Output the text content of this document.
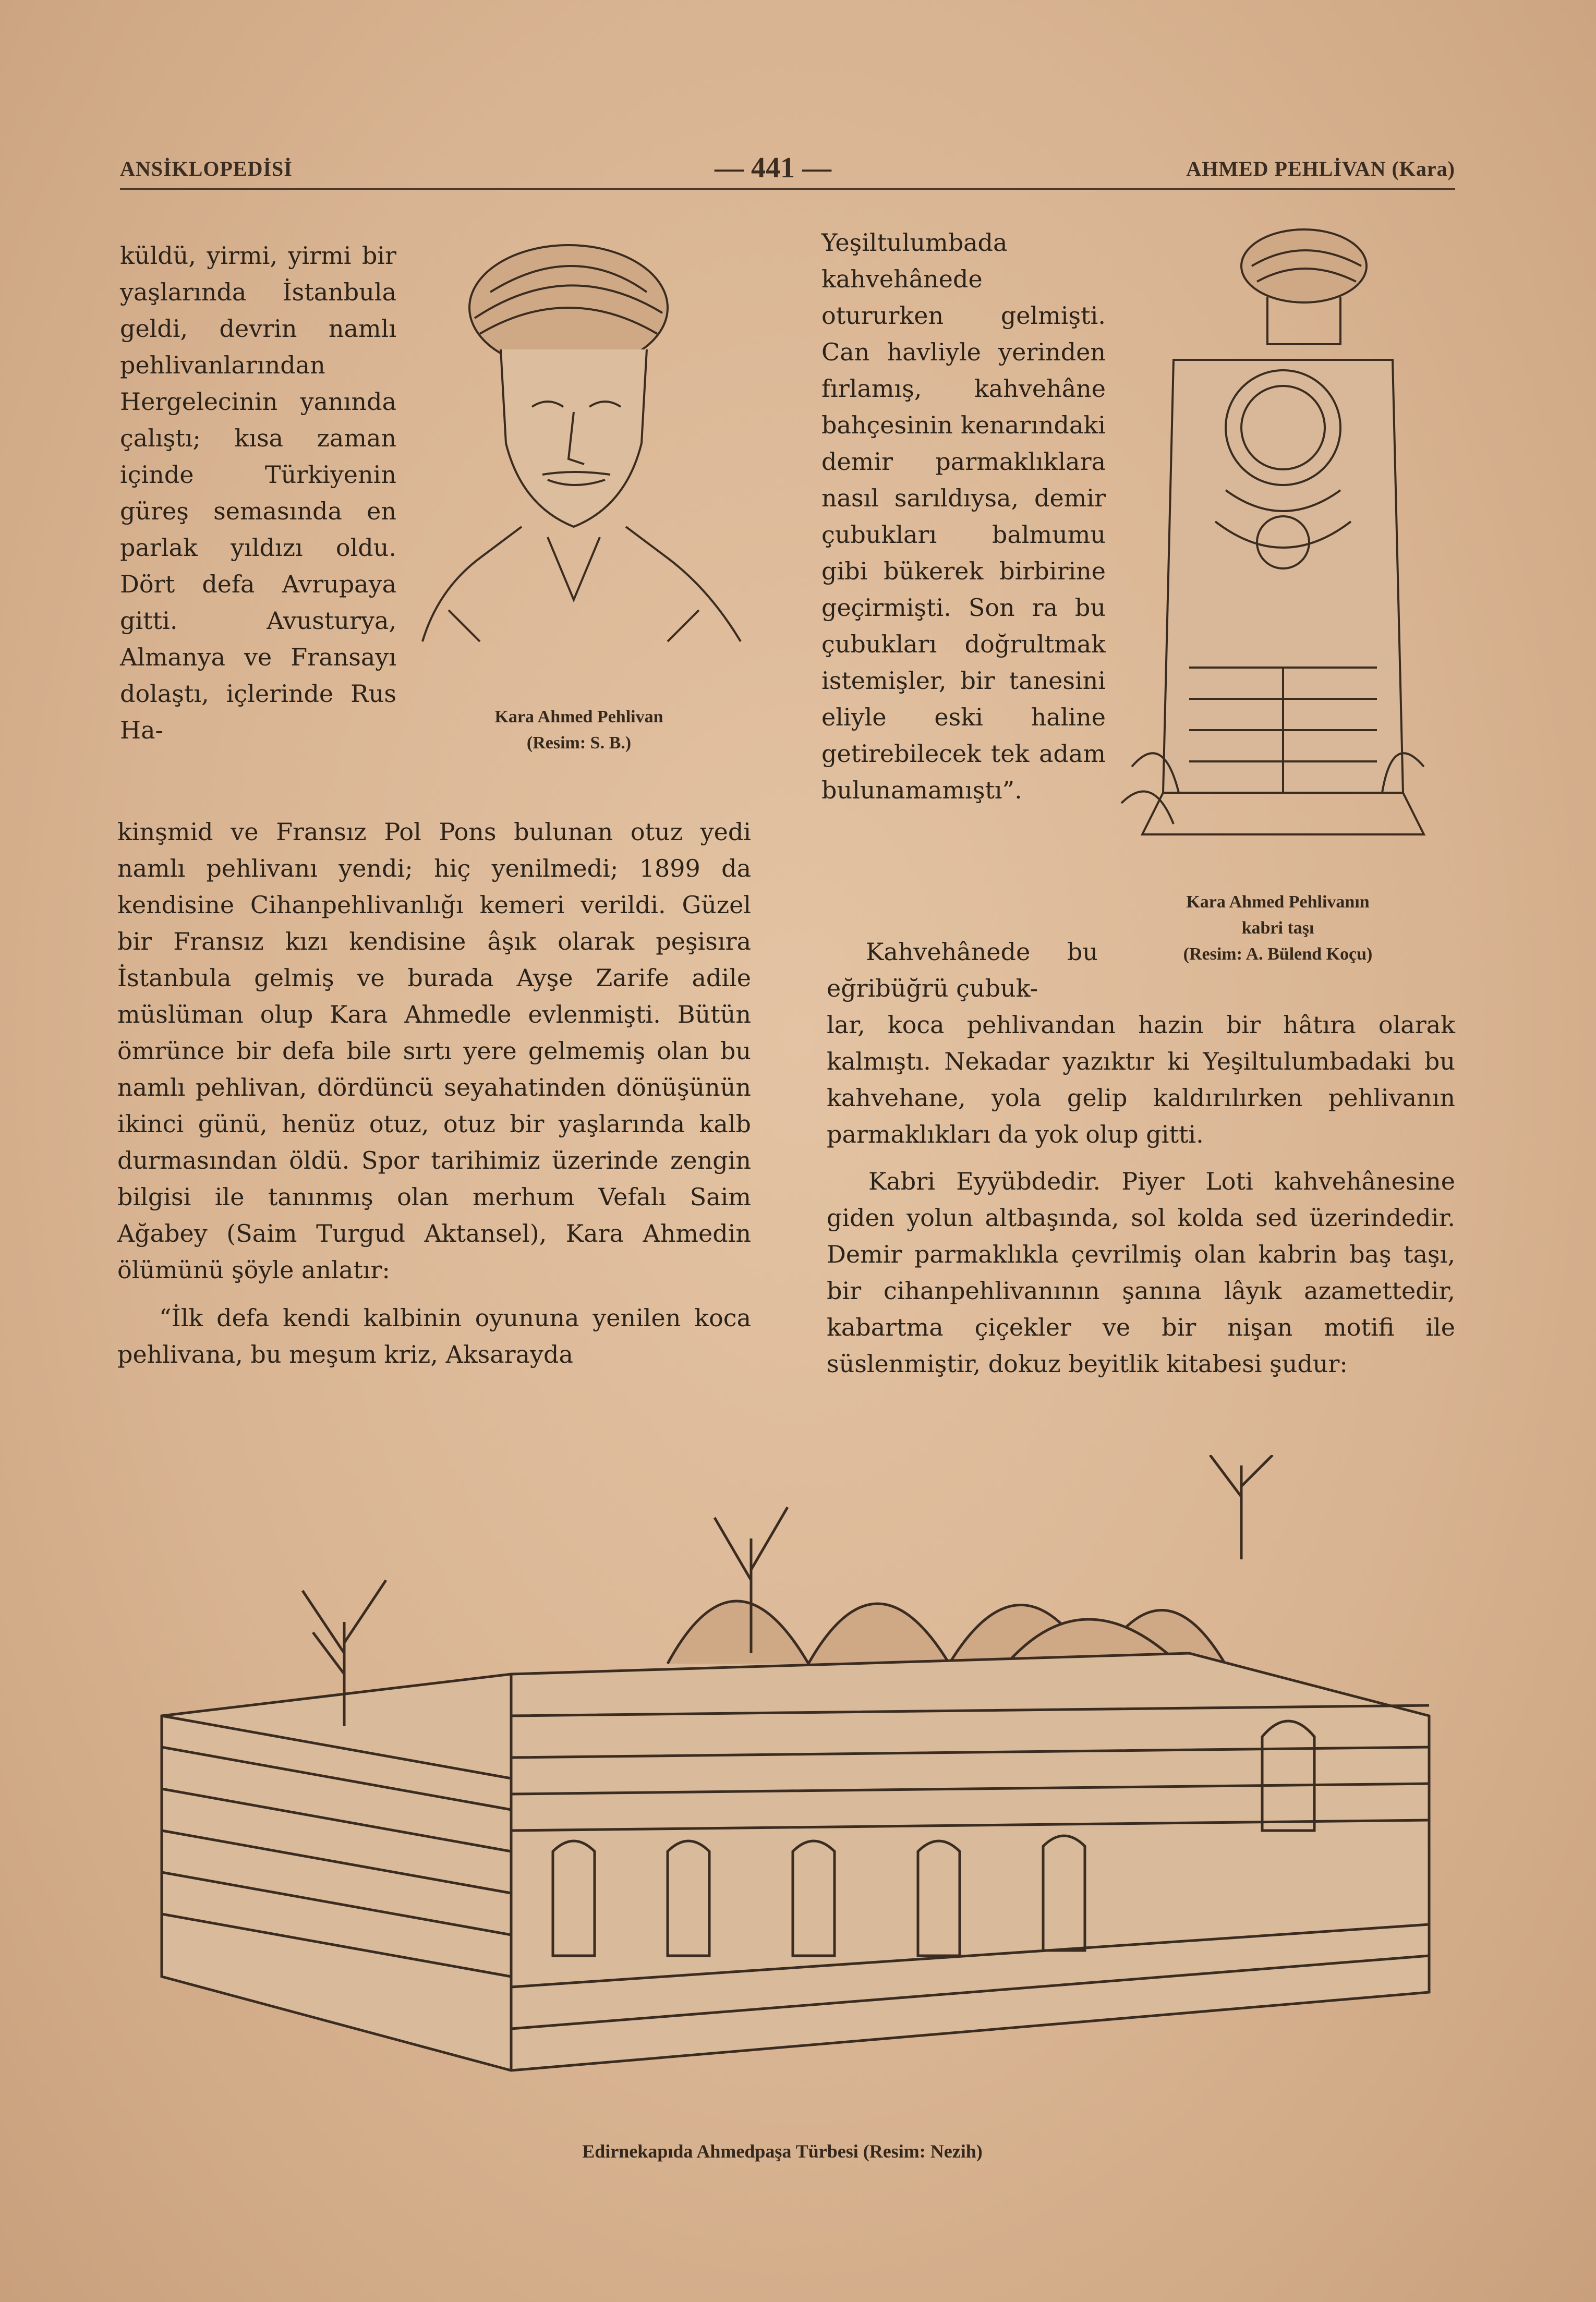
ANSİKLOPEDİSİ	— 441 —	AHMED PEHLİVAN (Kara)
küldü, yirmi, yirmi bir yaşlarında İstanbula geldi, devrin namlı pehlivanlarından Hergelecinin yanında çalıştı; kısa zaman içinde Türkiyenin güreş semasında en parlak yıldızı oldu. Dört defa Avrupaya gitti. Avusturya, Almanya ve Fransayı dolaştı, içlerinde Rus Ha-	Kara Ahmed Pehlivan
(Resim: S. B.)

kinşmid ve Fransız Pol Pons bulunan otuz yedi namlı pehlivanı yendi; hiç yenilmedi; 1899 da kendisine Cihanpehlivanlığı kemeri verildi. Güzel bir Fransız kızı kendisine âşık olarak peşisıra İstanbula gelmiş ve burada Ayşe Zarife adile müslüman olup Kara Ahmedle evlenmişti. Bütün ömrünce bir defa bile sırtı yere gelmemiş olan bu namlı pehlivan, dördüncü seyahatinden dönüşünün ikinci günü, henüz otuz, otuz bir yaşlarında kalb durmasından öldü. Spor tarihimiz üzerinde zengin bilgisi ile tanınmış olan merhum Vefalı Saim Ağabey (Saim Turgud Aktansel), Kara Ahmedin ölümünü şöyle anlatır:

“İlk defa kendi kalbinin oyununa yenilen koca pehlivana, bu meşum kriz, Aksarayda

Yeşiltulumbada kahvehânede otururken gelmişti. Can havliyle yerinden fırlamış, kahvehâne bahçesinin kenarındaki demir parmaklıklara nasıl sarıldıysa, demir çubukları balmumu gibi bükerek birbirine geçirmişti. Son ra bu çubukları doğrultmak istemişler, bir tanesini eliyle eski haline getirebilecek tek adam bulunamamıştı”.
Kara Ahmed Pehlivanın
kabri taşı
(Resim: A. Bülend Koçu)
Kahvehânede bu eğribüğrü çubuk-

lar, koca pehlivandan hazin bir hâtıra olarak kalmıştı. Nekadar yazıktır ki Yeşiltulumbadaki bu kahvehane, yola gelip kaldırılırken pehlivanın parmaklıkları da yok olup gitti.

Kabri Eyyübdedir. Piyer Loti kahvehânesine giden yolun altbaşında, sol kolda sed üzerindedir. Demir parmaklıkla çevrilmiş olan kabrin baş taşı, bir cihanpehlivanının şanına lâyık azamettedir, kabartma çiçekler ve bir nişan motifi ile süslenmiştir, dokuz beyitlik kitabesi şudur:

Edirnekapıda Ahmedpaşa Türbesi (Resim: Nezih)
